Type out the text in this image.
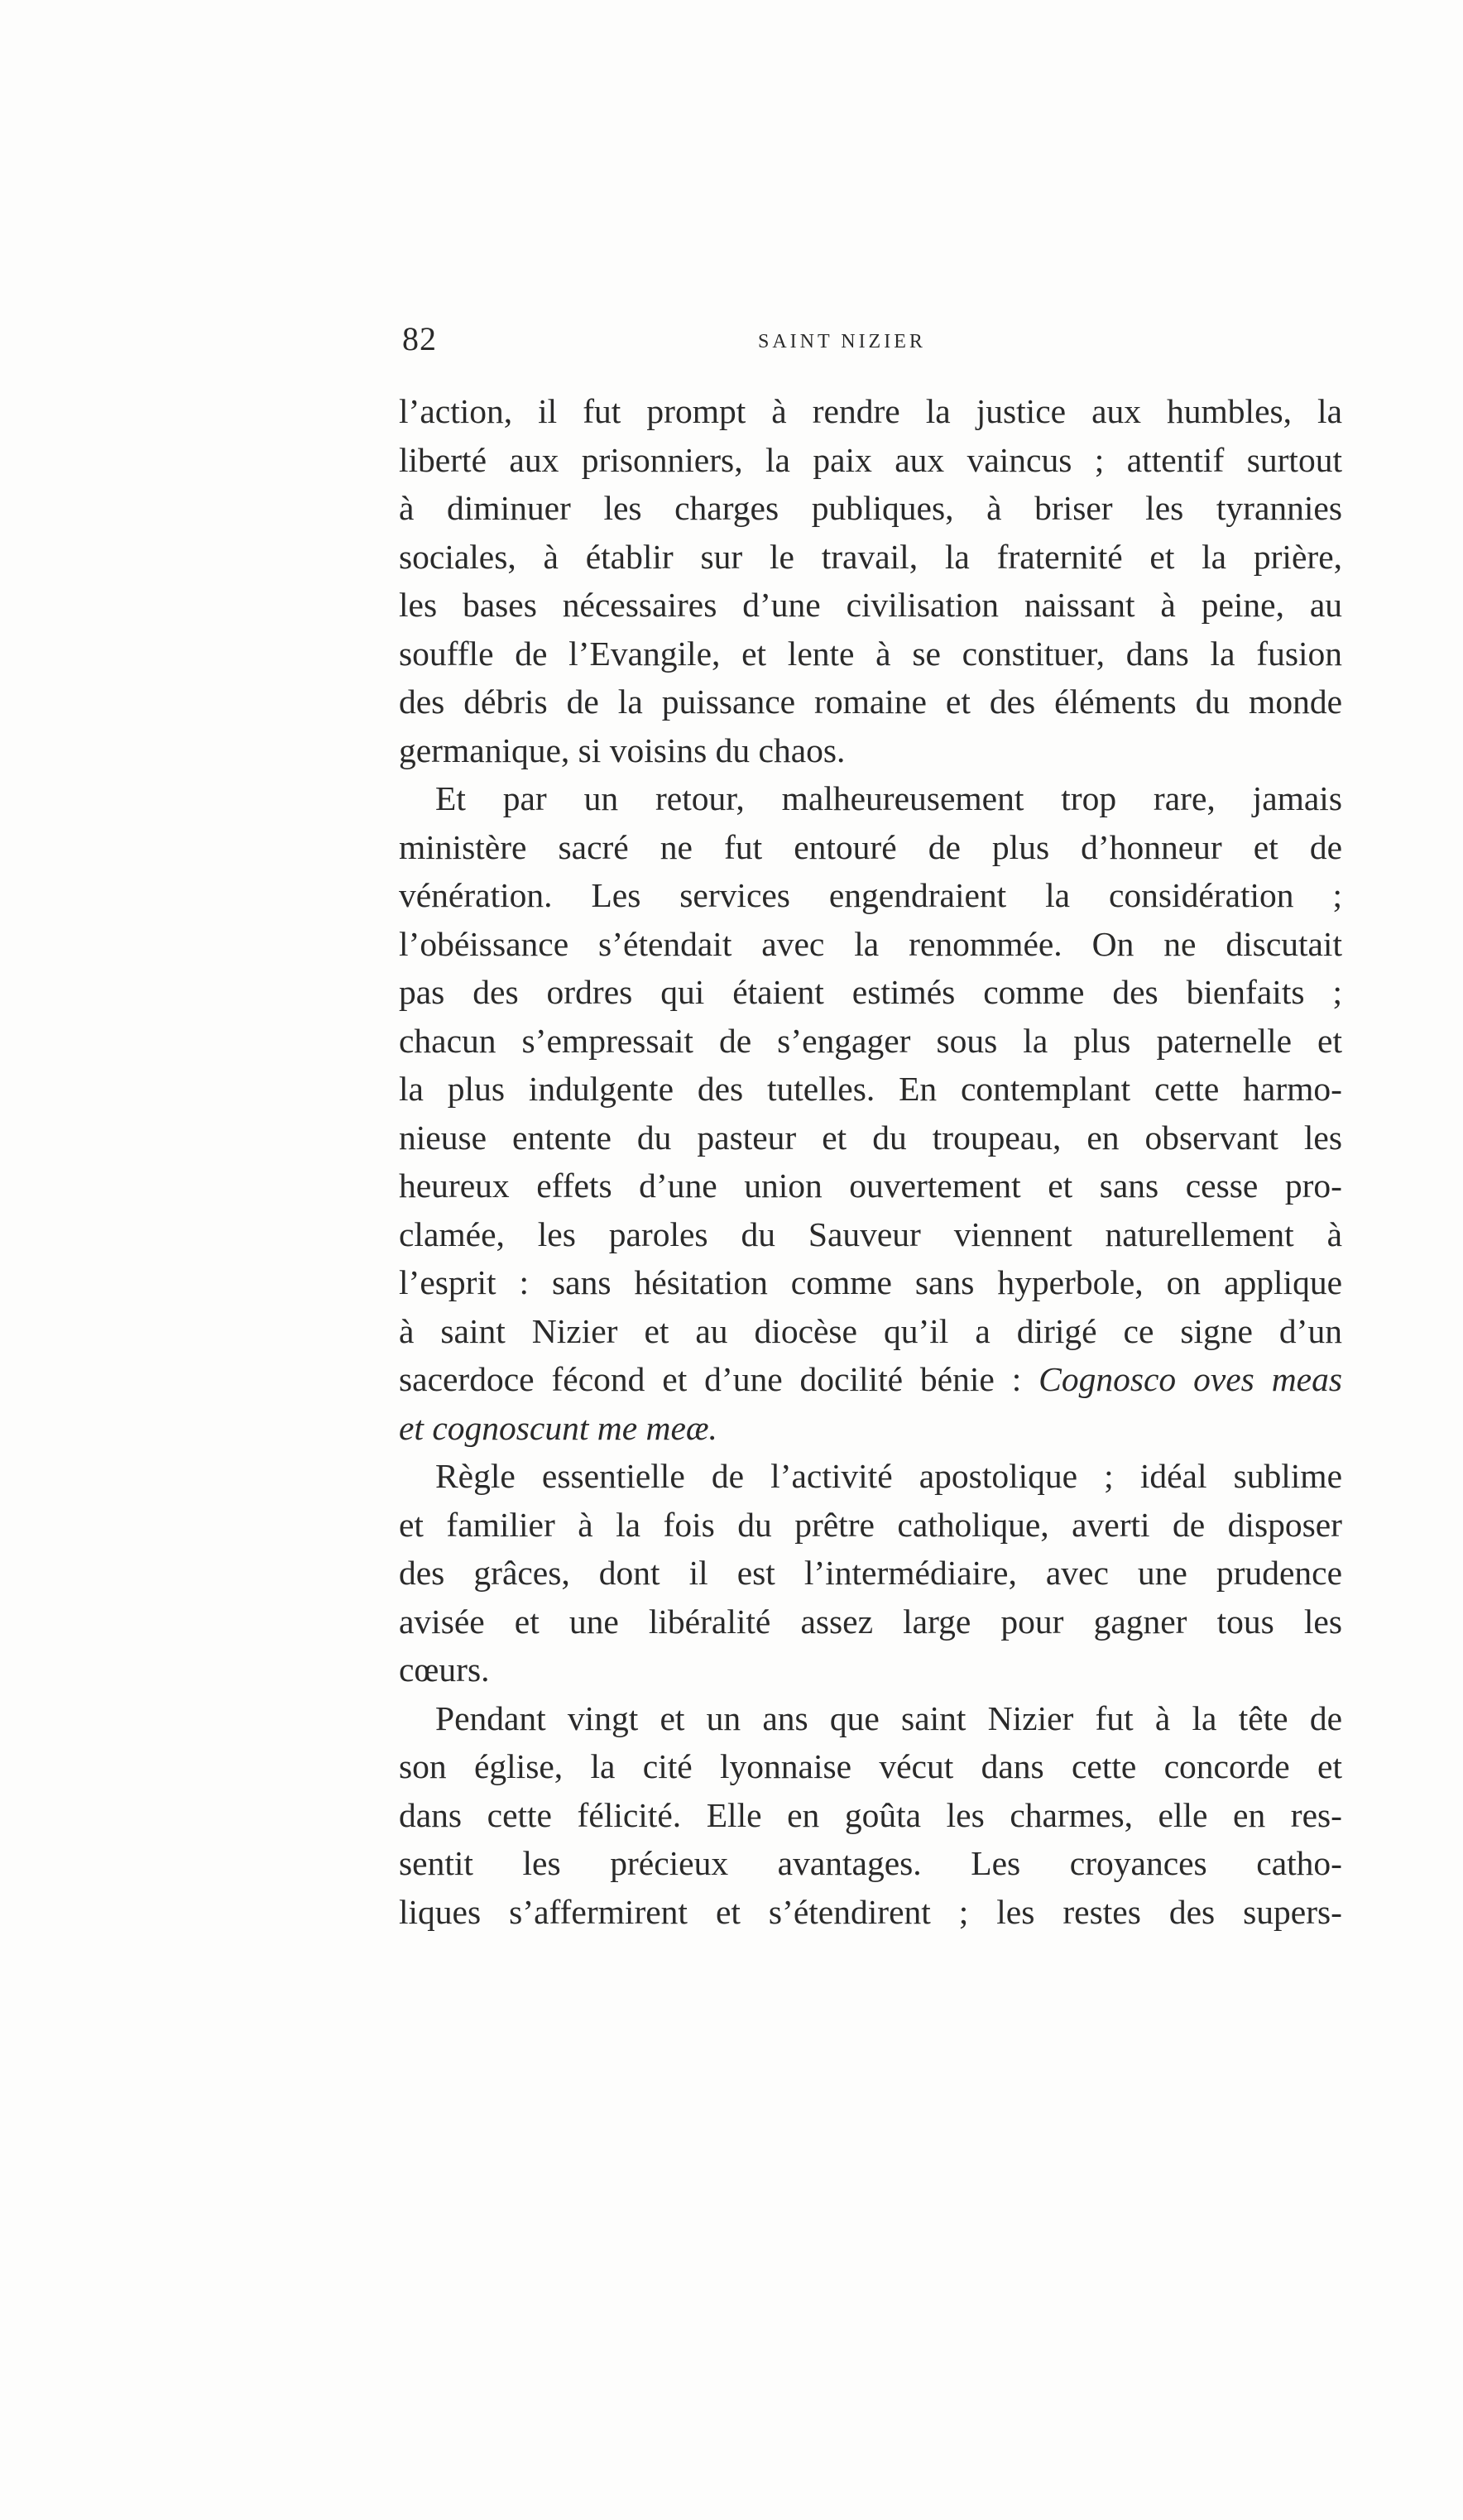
82	SAINT NIZIER
l’action, il fut prompt à rendre la justice aux humbles, la
liberté aux prisonniers, la paix aux vaincus ; attentif surtout
à diminuer les charges publiques, à briser les tyrannies
sociales, à établir sur le travail, la fraternité et la prière,
les bases nécessaires d’une civilisation naissant à peine, au
souffle de l’Evangile, et lente à se constituer, dans la fusion
des débris de la puissance romaine et des éléments du monde
germanique, si voisins du chaos.
Et par un retour, malheureusement trop rare, jamais
ministère sacré ne fut entouré de plus d’honneur et de
vénération. Les services engendraient la considération ;
l’obéissance s’étendait avec la renommée. On ne discutait
pas des ordres qui étaient estimés comme des bienfaits ;
chacun s’empressait de s’engager sous la plus paternelle et
la plus indulgente des tutelles. En contemplant cette harmo-
nieuse entente du pasteur et du troupeau, en observant les
heureux effets d’une union ouvertement et sans cesse pro-
clamée, les paroles du Sauveur viennent naturellement à
l’esprit : sans hésitation comme sans hyperbole, on applique
à saint Nizier et au diocèse qu’il a dirigé ce signe d’un
sacerdoce fécond et d’une docilité bénie : Cognosco oves meas
et cognoscunt me meæ.
Règle essentielle de l’activité apostolique ; idéal sublime
et familier à la fois du prêtre catholique, averti de disposer
des grâces, dont il est l’intermédiaire, avec une prudence
avisée et une libéralité assez large pour gagner tous les
cœurs.
Pendant vingt et un ans que saint Nizier fut à la tête de
son église, la cité lyonnaise vécut dans cette concorde et
dans cette félicité. Elle en goûta les charmes, elle en res-
sentit les précieux avantages. Les croyances catho-
liques s’affermirent et s’étendirent ; les restes des supers-
